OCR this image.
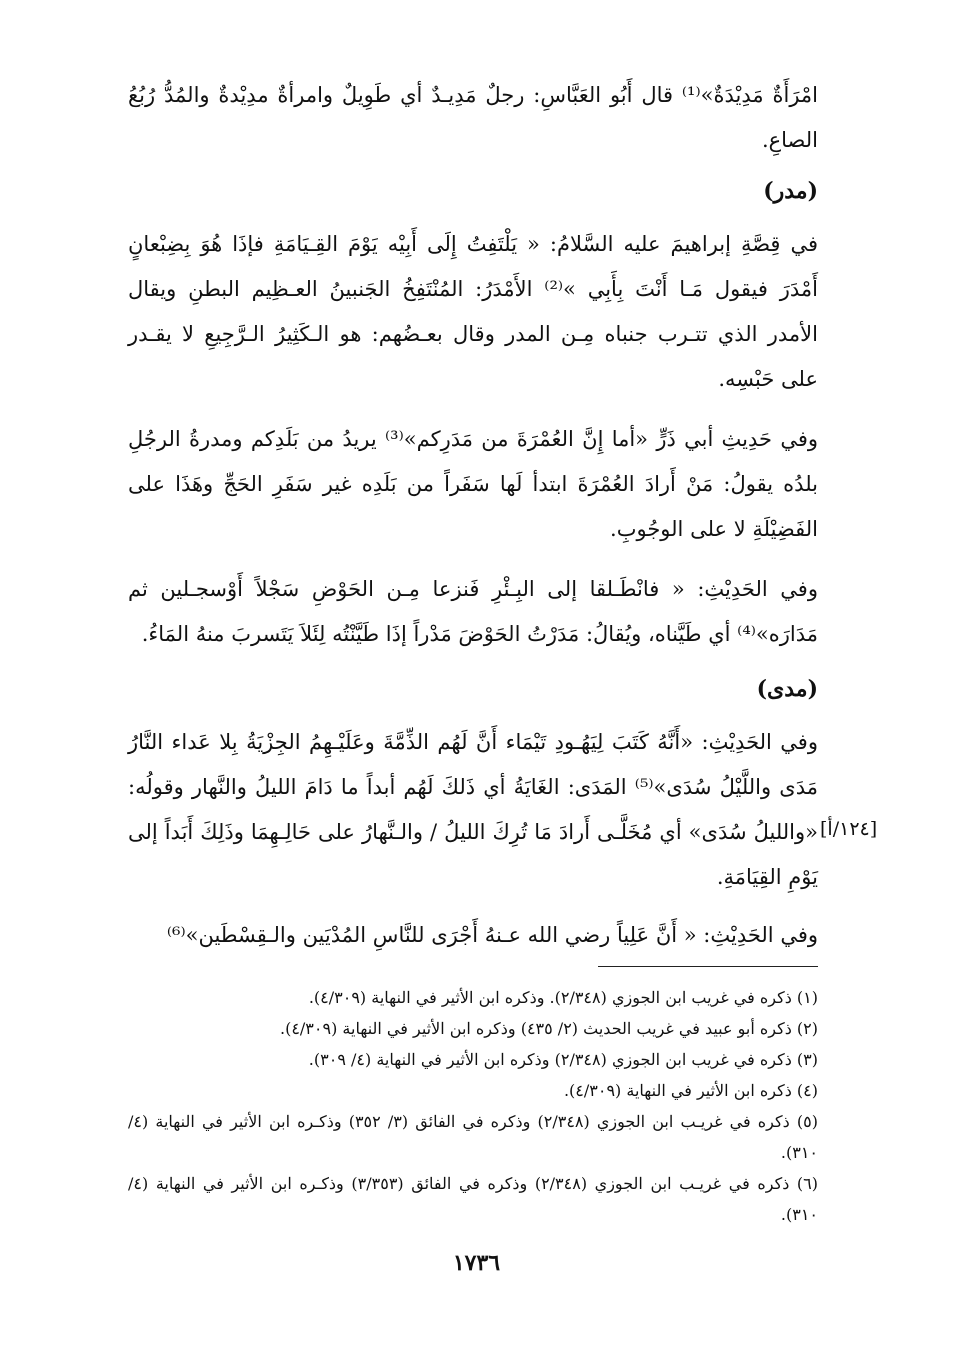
امْرَأَةٌ مَدِيْدَةٌ»⁽¹⁾ قال أَبُو العَبَّاسِ: رجلٌ مَدِيـدٌ أي طَوِيلٌ وامرأةٌ مدِيْدةٌ والمُدُّ رُبُعُ الصاعِ.
(مدر)
في قِصَّةِ إبراهيمَ عليه السَّلامُ: « يَلْتَفِتُ إِلَى أَبِيْه يَوْمَ القِـيَامَةِ فإذَا هُوَ بِضِبْعانٍ أَمْدَرَ فيقول مَـا أَنْتَ بِأَبِي »⁽²⁾ الأَمْدَرُ: المُنْتَفِخُ الجَنبينُ العـظِيم البطنِ ويقال الأمدر الذي تتـرب جنباه مِـن المدر وقال بعـضُهم: هو الـكَثِيرُ الـرَّجِيعِ لا يقـدر على حَبْسِه.
وفي حَدِيثِ أبي ذَرٍّ «أما إِنَّ العُمْرَةَ من مَدَرِكم»⁽³⁾ يريدُ من بَلَدِكم ومدرةُ الرجُلِ بلدُه يقولُ: مَنْ أَرادَ العُمْرَةَ ابتدأ لَها سَفَراً من بَلَدِه غير سَفَرِ الحَجِّ وهَذَا على الفَضِيْلَةِ لا على الوجُوبِ.
وفي الحَدِيْثِ: « فانْطَـلقا إلى البِـئْرِ فَنزعا مِـن الحَوْضِ سَجْلاً أَوْسجـلين ثم مَدَارَه»⁽⁴⁾ أي طَيَّناه، ويُقالُ: مَدَرْتُ الحَوْضَ مَدْراً إذَا طَيَّنْتُه لِئَلاَ يَتَسربَ منهُ المَاءُ.
(مدى)
وفي الحَدِيْثِ: «أَنَّهُ كَتَبَ لِيَهُـودِ تَيْمَاء أَنَّ لَهُم الذِّمَّةَ وعَلَيْـهِمُ الجِزْيَةُ بِلا عَداء النَّارُ مَدَى واللَّيْلُ سُدَى»⁽⁵⁾ المَدَى: الغَايَةُ أي ذَلكَ لَهُم أبداً ما دَامَ الليلُ والنَّهار وقولُه: «والليلُ سُدَى» أي مُخَلَّـى أَرادَ مَا تُرِكَ الليلُ / والـنَّهارُ على حَالِـهِمَا وذَلِكَ أَبَداً إلى يَوْمِ القِيَامَةِ.
[١٢٤/أ]
وفي الحَدِيْثِ: « أَنَّ عَلِياً رضي الله عـنهُ أَجْرَى للنَّاسِ المُدْيَين والـقِسْطَين»⁽⁶⁾
(١) ذكره في غريب ابن الجوزي (٢/٣٤٨). وذكره ابن الأثير في النهاية (٤/٣٠٩).
(٢) ذكره أبو عبيد في غريب الحديث (٢/ ٤٣٥) وذكره ابن الأثير في النهاية (٤/٣٠٩).
(٣) ذكره في غريب ابن الجوزي (٢/٣٤٨) وذكره ابن الأثير في النهاية (٤/ ٣٠٩).
(٤) ذكره ابن الأثير في النهاية (٤/٣٠٩).
(٥) ذكره في غريـب ابن الجوزي (٢/٣٤٨) وذكره في الفائق (٣/ ٣٥٢) وذكـره ابن الأثير في النهاية (٤/ ٣١٠).
(٦) ذكره في غريـب ابن الجوزي (٢/٣٤٨) وذكره في الفائق (٣/٣٥٣) وذكـره ابن الأثير في النهاية (٤/ ٣١٠).
١٧٣٦
